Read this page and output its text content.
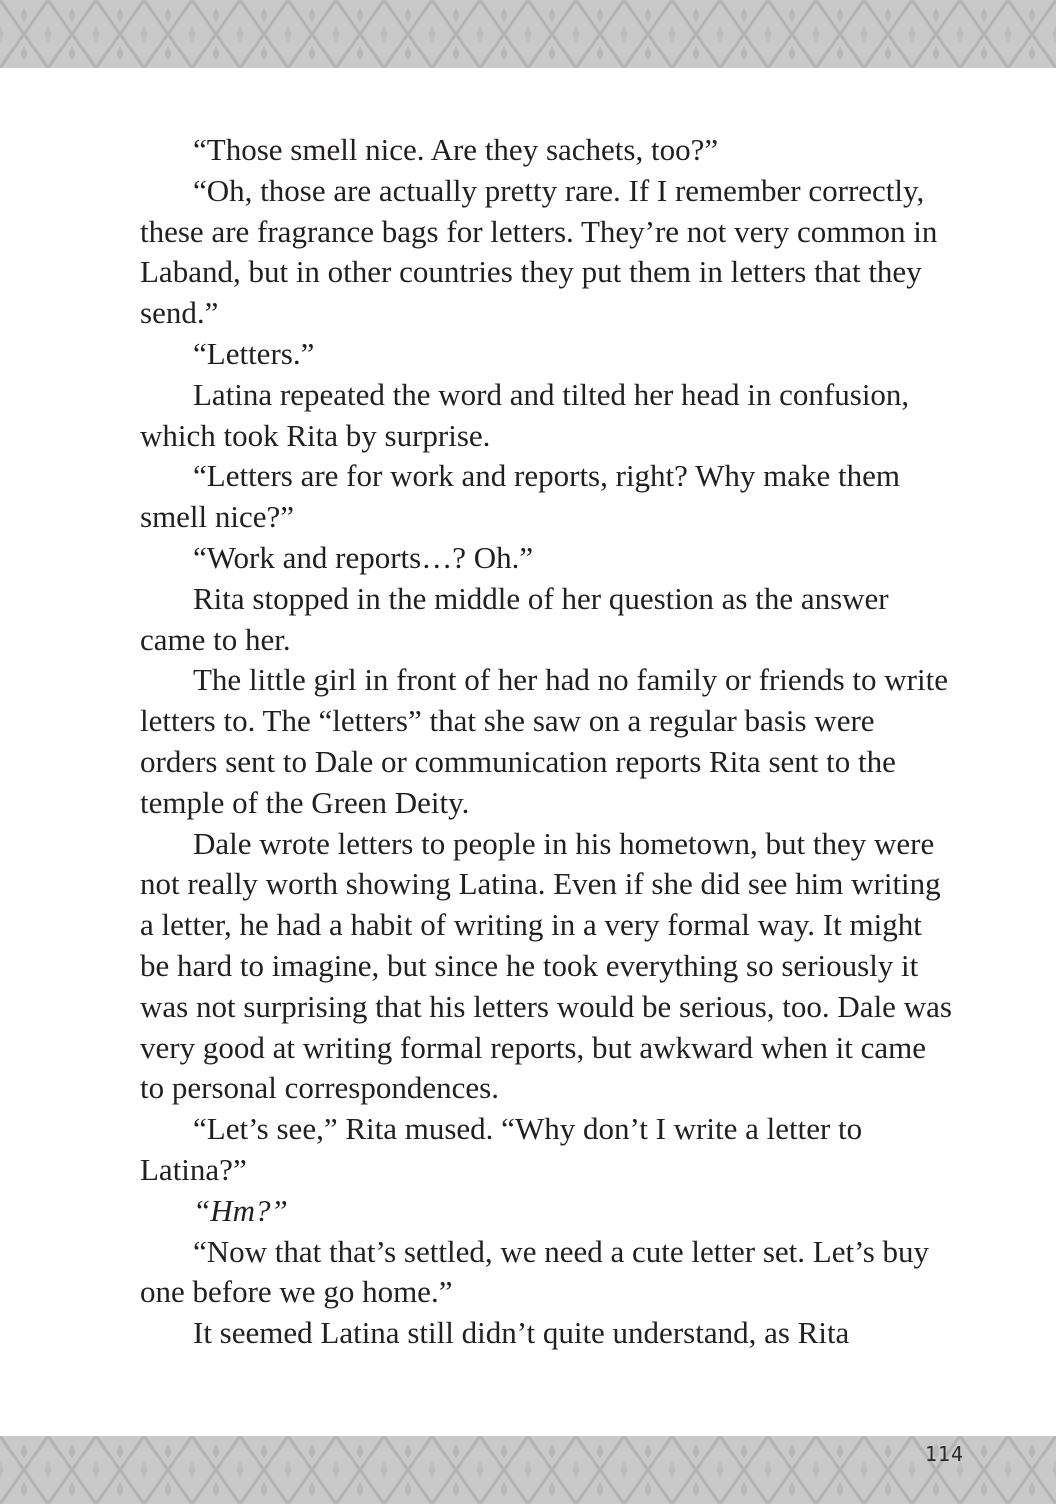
“Those smell nice. Are they sachets, too?”

“Oh, those are actually pretty rare. If I remember correctly, these are fragrance bags for letters. They’re not very common in Laband, but in other countries they put them in letters that they send.”

“Letters.”

Latina repeated the word and tilted her head in confusion, which took Rita by surprise.

“Letters are for work and reports, right? Why make them smell nice?”

“Work and reports…? Oh.”

Rita stopped in the middle of her question as the answer came to her.

The little girl in front of her had no family or friends to write letters to. The “letters” that she saw on a regular basis were orders sent to Dale or communication reports Rita sent to the temple of the Green Deity.

Dale wrote letters to people in his hometown, but they were not really worth showing Latina. Even if she did see him writing a letter, he had a habit of writing in a very formal way. It might be hard to imagine, but since he took everything so seriously it was not surprising that his letters would be serious, too. Dale was very good at writing formal reports, but awkward when it came to personal correspondences.

“Let’s see,” Rita mused. “Why don’t I write a letter to Latina?”

“Hm?”

“Now that that’s settled, we need a cute letter set. Let’s buy one before we go home.”

It seemed Latina still didn’t quite understand, as Rita

114
